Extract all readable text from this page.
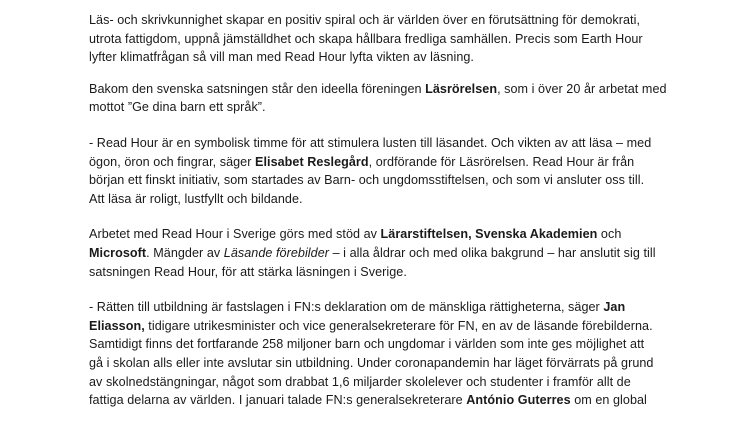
Läs- och skrivkunnighet skapar en positiv spiral och är världen över en förutsättning för demokrati,
utrota fattigdom, uppnå jämställdhet och skapa hållbara fredliga samhällen. Precis som Earth Hour
lyfter klimatfrågan så vill man med Read Hour lyfta vikten av läsning.

Bakom den svenska satsningen står den ideella föreningen Läsrörelsen, som i över 20 år arbetat med
mottot ”Ge dina barn ett språk”.

- Read Hour är en symbolisk timme för att stimulera lusten till läsandet. Och vikten av att läsa – med
ögon, öron och fingrar, säger Elisabet Reslegård, ordförande för Läsrörelsen. Read Hour är från
början ett finskt initiativ, som startades av Barn- och ungdomsstiftelsen, och som vi ansluter oss till.
Att läsa är roligt, lustfyllt och bildande.

Arbetet med Read Hour i Sverige görs med stöd av Lärarstiftelsen, Svenska Akademien och
Microsoft. Mängder av Läsande förebilder – i alla åldrar och med olika bakgrund – har anslutit sig till
satsningen Read Hour, för att stärka läsningen i Sverige.

- Rätten till utbildning är fastslagen i FN:s deklaration om de mänskliga rättigheterna, säger Jan
Eliasson, tidigare utrikesminister och vice generalsekreterare för FN, en av de läsande förebilderna.
Samtidigt finns det fortfarande 258 miljoner barn och ungdomar i världen som inte ges möjlighet att
gå i skolan alls eller inte avslutar sin utbildning. Under coronapandemin har läget förvärrats på grund
av skolnedstängningar, något som drabbat 1,6 miljarder skolelever och studenter i framför allt de
fattiga delarna av världen. I januari talade FN:s generalsekreterare António Guterres om en global
